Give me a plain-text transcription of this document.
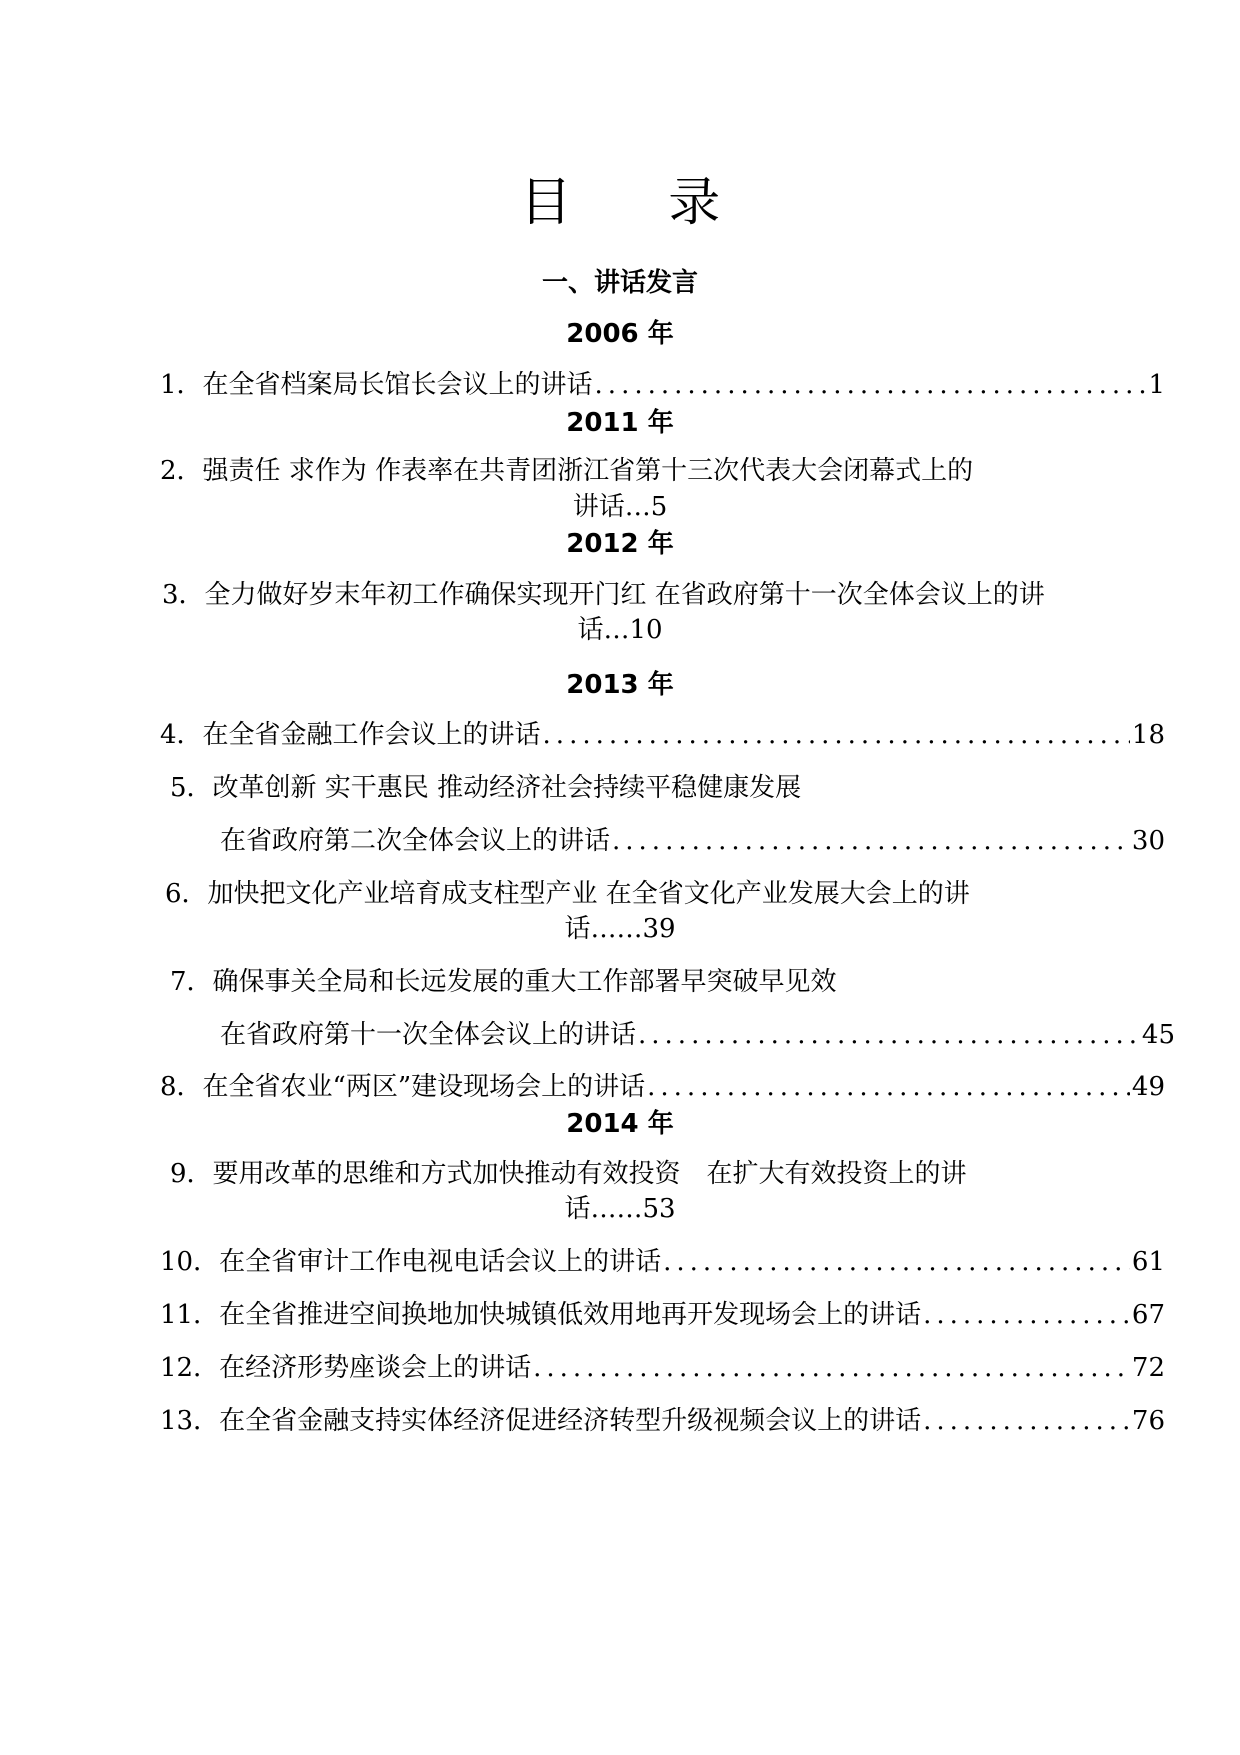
目 录
一、讲话发言
2006 年
1．在全省档案局长馆长会议上的讲话 .....	1
2011 年
2．强责任 求作为 作表率在共青团浙江省第十三次代表大会闭幕式上的
讲话…5
2012 年
3．全力做好岁末年初工作确保实现开门红 在省政府第十一次全体会议上的讲
话…10
2013 年
4．在全省金融工作会议上的讲话 .....	18
5．改革创新 实干惠民 推动经济社会持续平稳健康发展
在省政府第二次全体会议上的讲话 .....	30
6．加快把文化产业培育成支柱型产业 在全省文化产业发展大会上的讲
话……39
7．确保事关全局和长远发展的重大工作部署早突破早见效
在省政府第十一次全体会议上的讲话 .....	45
8．在全省农业“两区”建设现场会上的讲话 .....	49
2014 年
9．要用改革的思维和方式加快推动有效投资　在扩大有效投资上的讲
话……53
10．在全省审计工作电视电话会议上的讲话 .....	61
11．在全省推进空间换地加快城镇低效用地再开发现场会上的讲话 .....	67
12．在经济形势座谈会上的讲话 .....	72
13．在全省金融支持实体经济促进经济转型升级视频会议上的讲话 .....	76
